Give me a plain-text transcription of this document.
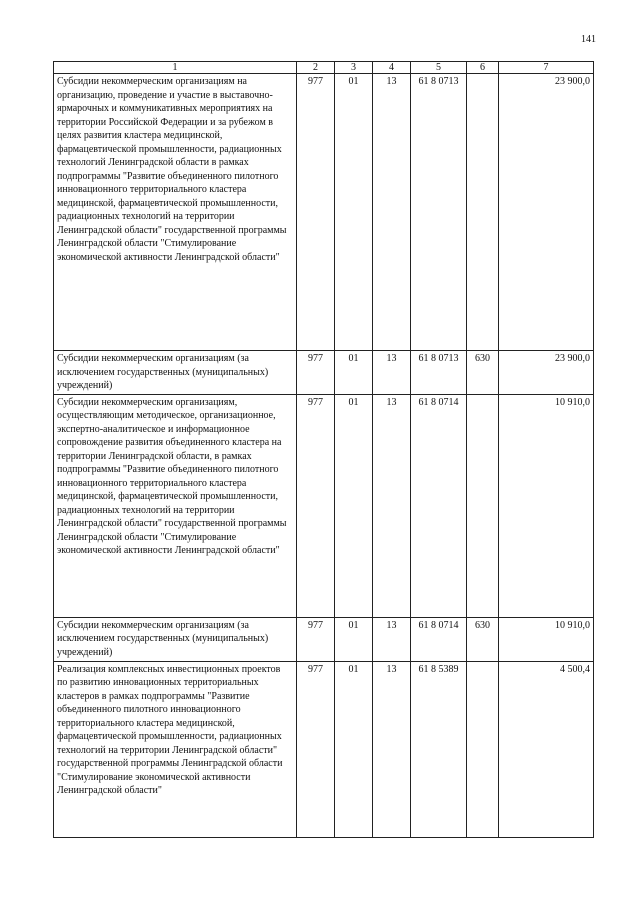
141
1	2	3	4	5	6	7
Субсидии некоммерческим организациям на организацию, проведение и участие в выставочно-ярмарочных и коммуникативных мероприятиях на территории Российской Федерации и за рубежом в целях развития кластера медицинской, фармацевтической промышленности, радиационных технологий Ленинградской области в рамках подпрограммы "Развитие объединенного пилотного инновационного территориального кластера медицинской, фармацевтической промышленности, радиационных технологий на территории Ленинградской области" государственной программы Ленинградской области "Стимулирование экономической активности Ленинградской области"	977	01	13	61 8 0713		23 900,0
Субсидии некоммерческим организациям (за исключением государственных (муниципальных) учреждений)	977	01	13	61 8 0713	630	23 900,0
Субсидии некоммерческим организациям, осуществляющим методическое, организационное, экспертно-аналитическое и информационное сопровождение развития объединенного кластера на территории Ленинградской области, в рамках подпрограммы "Развитие объединенного пилотного инновационного территориального кластера медицинской, фармацевтической промышленности, радиационных технологий на территории Ленинградской области" государственной программы Ленинградской области "Стимулирование экономической активности Ленинградской области"	977	01	13	61 8 0714		10 910,0
Субсидии некоммерческим организациям (за исключением государственных (муниципальных) учреждений)	977	01	13	61 8 0714	630	10 910,0
Реализация комплексных инвестиционных проектов по развитию инновационных территориальных кластеров в рамках подпрограммы "Развитие объединенного пилотного инновационного территориального кластера медицинской, фармацевтической промышленности, радиационных технологий на территории Ленинградской области" государственной программы Ленинградской области "Стимулирование экономической активности Ленинградской области"	977	01	13	61 8 5389		4 500,4
